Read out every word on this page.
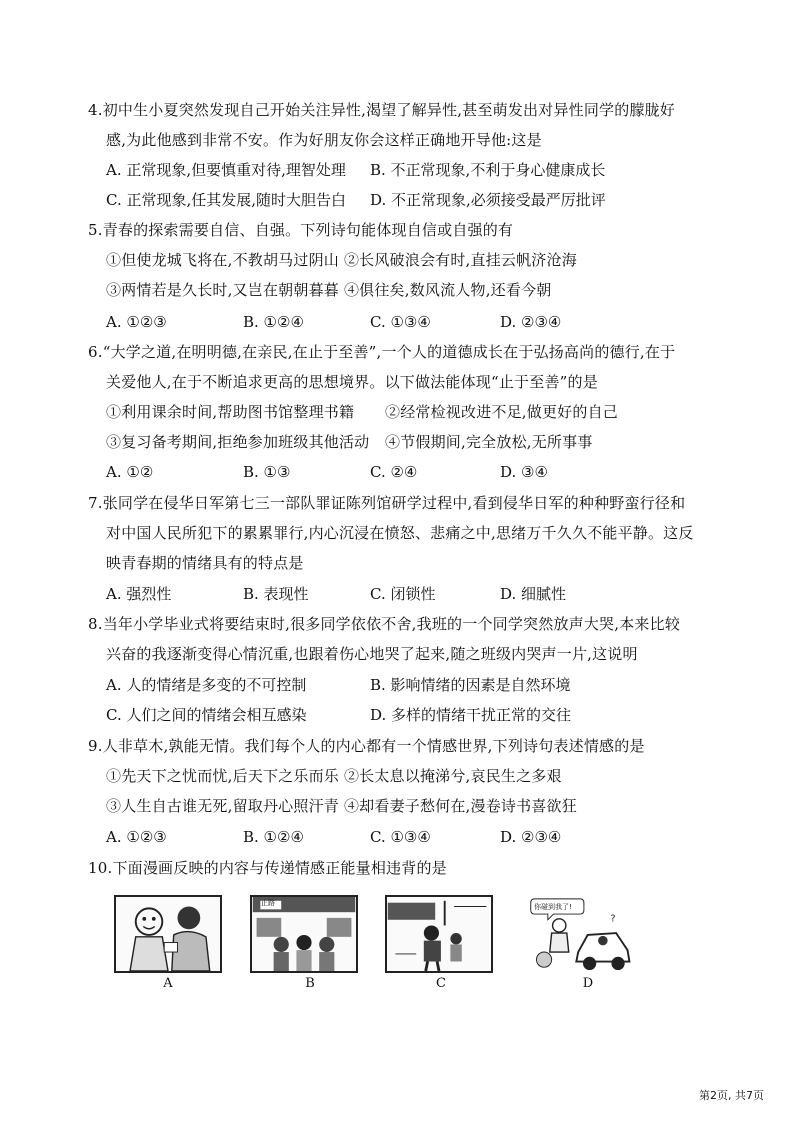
4.初中生小夏突然发现自己开始关注异性,渴望了解异性,甚至萌发出对异性同学的朦胧好
感,为此他感到非常不安。作为好朋友你会这样正确地开导他:这是
A. 正常现象,但要慎重对待,理智处理 B. 不正常现象,不利于身心健康成长
C. 正常现象,任其发展,随时大胆告白 D. 不正常现象,必须接受最严厉批评
5.青春的探索需要自信、自强。下列诗句能体现自信或自强的有
①但使龙城飞将在,不教胡马过阴山 ②长风破浪会有时,直挂云帆济沧海
③两情若是久长时,又岂在朝朝暮暮 ④俱往矣,数风流人物,还看今朝
A. ①②③	B. ①②④	C. ①③④	D. ②③④
6.“大学之道,在明明德,在亲民,在止于至善”,一个人的道德成长在于弘扬高尚的德行,在于
关爱他人,在于不断追求更高的思想境界。以下做法能体现“止于至善”的是
①利用课余时间,帮助图书馆整理书籍 ②经常检视改进不足,做更好的自己
③复习备考期间,拒绝参加班级其他活动 ④节假期间,完全放松,无所事事
A. ①②	B. ①③	C. ②④	D. ③④
7.张同学在侵华日军第七三一部队罪证陈列馆研学过程中,看到侵华日军的种种野蛮行径和
对中国人民所犯下的累累罪行,内心沉浸在愤怒、悲痛之中,思绪万千久久不能平静。这反
映青春期的情绪具有的特点是
A. 强烈性	B. 表现性	C. 闭锁性	D. 细腻性
8.当年小学毕业式将要结束时,很多同学依依不舍,我班的一个同学突然放声大哭,本来比较
兴奋的我逐渐变得心情沉重,也跟着伤心地哭了起来,随之班级内哭声一片,这说明
A. 人的情绪是多变的不可控制	B. 影响情绪的因素是自然环境
C. 人们之间的情绪会相互感染	D. 多样的情绪干扰正常的交往
9.人非草木,孰能无情。我们每个人的内心都有一个情感世界,下列诗句表述情感的是
①先天下之忧而忧,后天下之乐而乐 ②长太息以掩涕兮,哀民生之多艰
③人生自古谁无死,留取丹心照汗青 ④却看妻子愁何在,漫卷诗书喜欲狂
A. ①②③	B. ①②④	C. ①③④	D. ②③④
10.下面漫画反映的内容与传递情感正能量相违背的是
A
止路
B	C
?
你碰到我了!
D
第2页, 共7页
